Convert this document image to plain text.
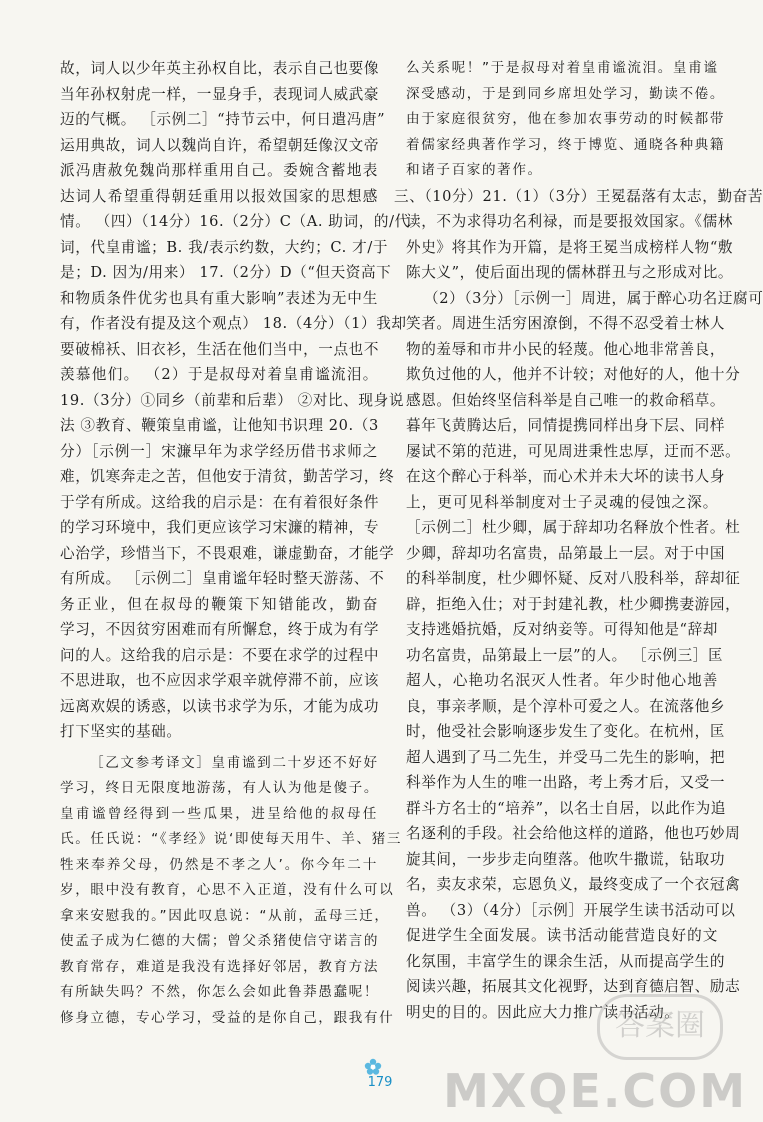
故，词人以少年英主孙权自比，表示自己也要像

当年孙权射虎一样，一显身手，表现词人威武豪

迈的气概。 ［示例二］“持节云中，何日遣冯唐”

运用典故，词人以魏尚自许，希望朝廷像汉文帝

派冯唐赦免魏尚那样重用自己。委婉含蓄地表

达词人希望重得朝廷重用以报效国家的思想感

情。 （四）（14分）16.（2分）C（A. 助词，的/代

词，代皇甫谧；B. 我/表示约数，大约；C. 才/于

是；D. 因为/用来） 17.（2分）D（“但天资高下

和物质条件优劣也具有重大影响”表述为无中生

有，作者没有提及这个观点） 18.（4分）（1）我却

要破棉袄、旧衣衫，生活在他们当中，一点也不

羡慕他们。 （2）于是叔母对着皇甫谧流泪。

19.（3分）①同乡（前辈和后辈） ②对比、现身说

法 ③教育、鞭策皇甫谧，让他知书识理 20.（3

分）［示例一］宋濂早年为求学经历借书求师之

难，饥寒奔走之苦，但他安于清贫，勤苦学习，终

于学有所成。这给我的启示是：在有着很好条件

的学习环境中，我们更应该学习宋濂的精神，专

心治学，珍惜当下，不畏艰难，谦虚勤奋，才能学

有所成。 ［示例二］皇甫谧年轻时整天游荡、不

务正业，但在叔母的鞭策下知错能改，勤奋

学习，不因贫穷困难而有所懈怠，终于成为有学

问的人。这给我的启示是：不要在求学的过程中

不思进取，也不应因求学艰辛就停滞不前，应该

远离欢娱的诱惑，以读书求学为乐，才能为成功

打下坚实的基础。

［乙文参考译文］皇甫谧到二十岁还不好好

学习，终日无限度地游荡，有人认为他是傻子。

皇甫谧曾经得到一些瓜果，进呈给他的叔母任

氏。任氏说：“《孝经》说‘即使每天用牛、羊、猪三

牲来奉养父母，仍然是不孝之人’。你今年二十

岁，眼中没有教育，心思不入正道，没有什么可以

拿来安慰我的。”因此叹息说：“从前，孟母三迁，

使孟子成为仁德的大儒；曾父杀猪使信守诺言的

教育常存，难道是我没有选择好邻居，教育方法

有所缺失吗？不然，你怎么会如此鲁莽愚蠢呢！

修身立德，专心学习，受益的是你自己，跟我有什

么关系呢！”于是叔母对着皇甫谧流泪。皇甫谧

深受感动，于是到同乡席坦处学习，勤读不倦。

由于家庭很贫穷，他在参加农事劳动的时候都带

着儒家经典著作学习，终于博览、通晓各种典籍

和诸子百家的著作。

三、（10分）21.（1）（3分）王冕磊落有太志，勤奋苦

读，不为求得功名利禄，而是要报效国家。《儒林

外史》将其作为开篇，是将王冕当成榜样人物“敷

陈大义”，使后面出现的儒林群丑与之形成对比。

（2）（3分）［示例一］周进，属于醉心功名迂腐可

笑者。周进生活穷困潦倒，不得不忍受着士林人

物的羞辱和市井小民的轻蔑。他心地非常善良，

欺负过他的人，他并不计较；对他好的人，他十分

感恩。但始终坚信科举是自己唯一的救命稻草。

暮年飞黄腾达后，同情提携同样出身下层、同样

屡试不第的范进，可见周进秉性忠厚，迂而不恶。

在这个醉心于科举，而心术并未大坏的读书人身

上，更可见科举制度对士子灵魂的侵蚀之深。

［示例二］杜少卿，属于辞却功名释放个性者。杜

少卿，辞却功名富贵，品第最上一层。对于中国

的科举制度，杜少卿怀疑、反对八股科举，辞却征

辟，拒绝入仕；对于封建礼教，杜少卿携妻游园，

支持逃婚抗婚，反对纳妾等。可得知他是“辞却

功名富贵，品第最上一层”的人。 ［示例三］匡

超人，心艳功名泯灭人性者。年少时他心地善

良，事亲孝顺，是个淳朴可爱之人。在流落他乡

时，他受社会影响逐步发生了变化。在杭州，匡

超人遇到了马二先生，并受马二先生的影响，把

科举作为人生的唯一出路，考上秀才后，又受一

群斗方名士的“培养”，以名士自居，以此作为追

名逐利的手段。社会给他这样的道路，他也巧妙周

旋其间，一步步走向堕落。他吹牛撒谎，钻取功

名，卖友求荣，忘恩负义，最终变成了一个衣冠禽

兽。 （3）（4分）［示例］开展学生读书活动可以

促进学生全面发展。读书活动能营造良好的文

化氛围，丰富学生的课余生活，从而提高学生的

阅读兴趣，拓展其文化视野，达到育德启智、励志

明史的目的。因此应大力推广读书活动。

179
答案圈
MXQE.COM
